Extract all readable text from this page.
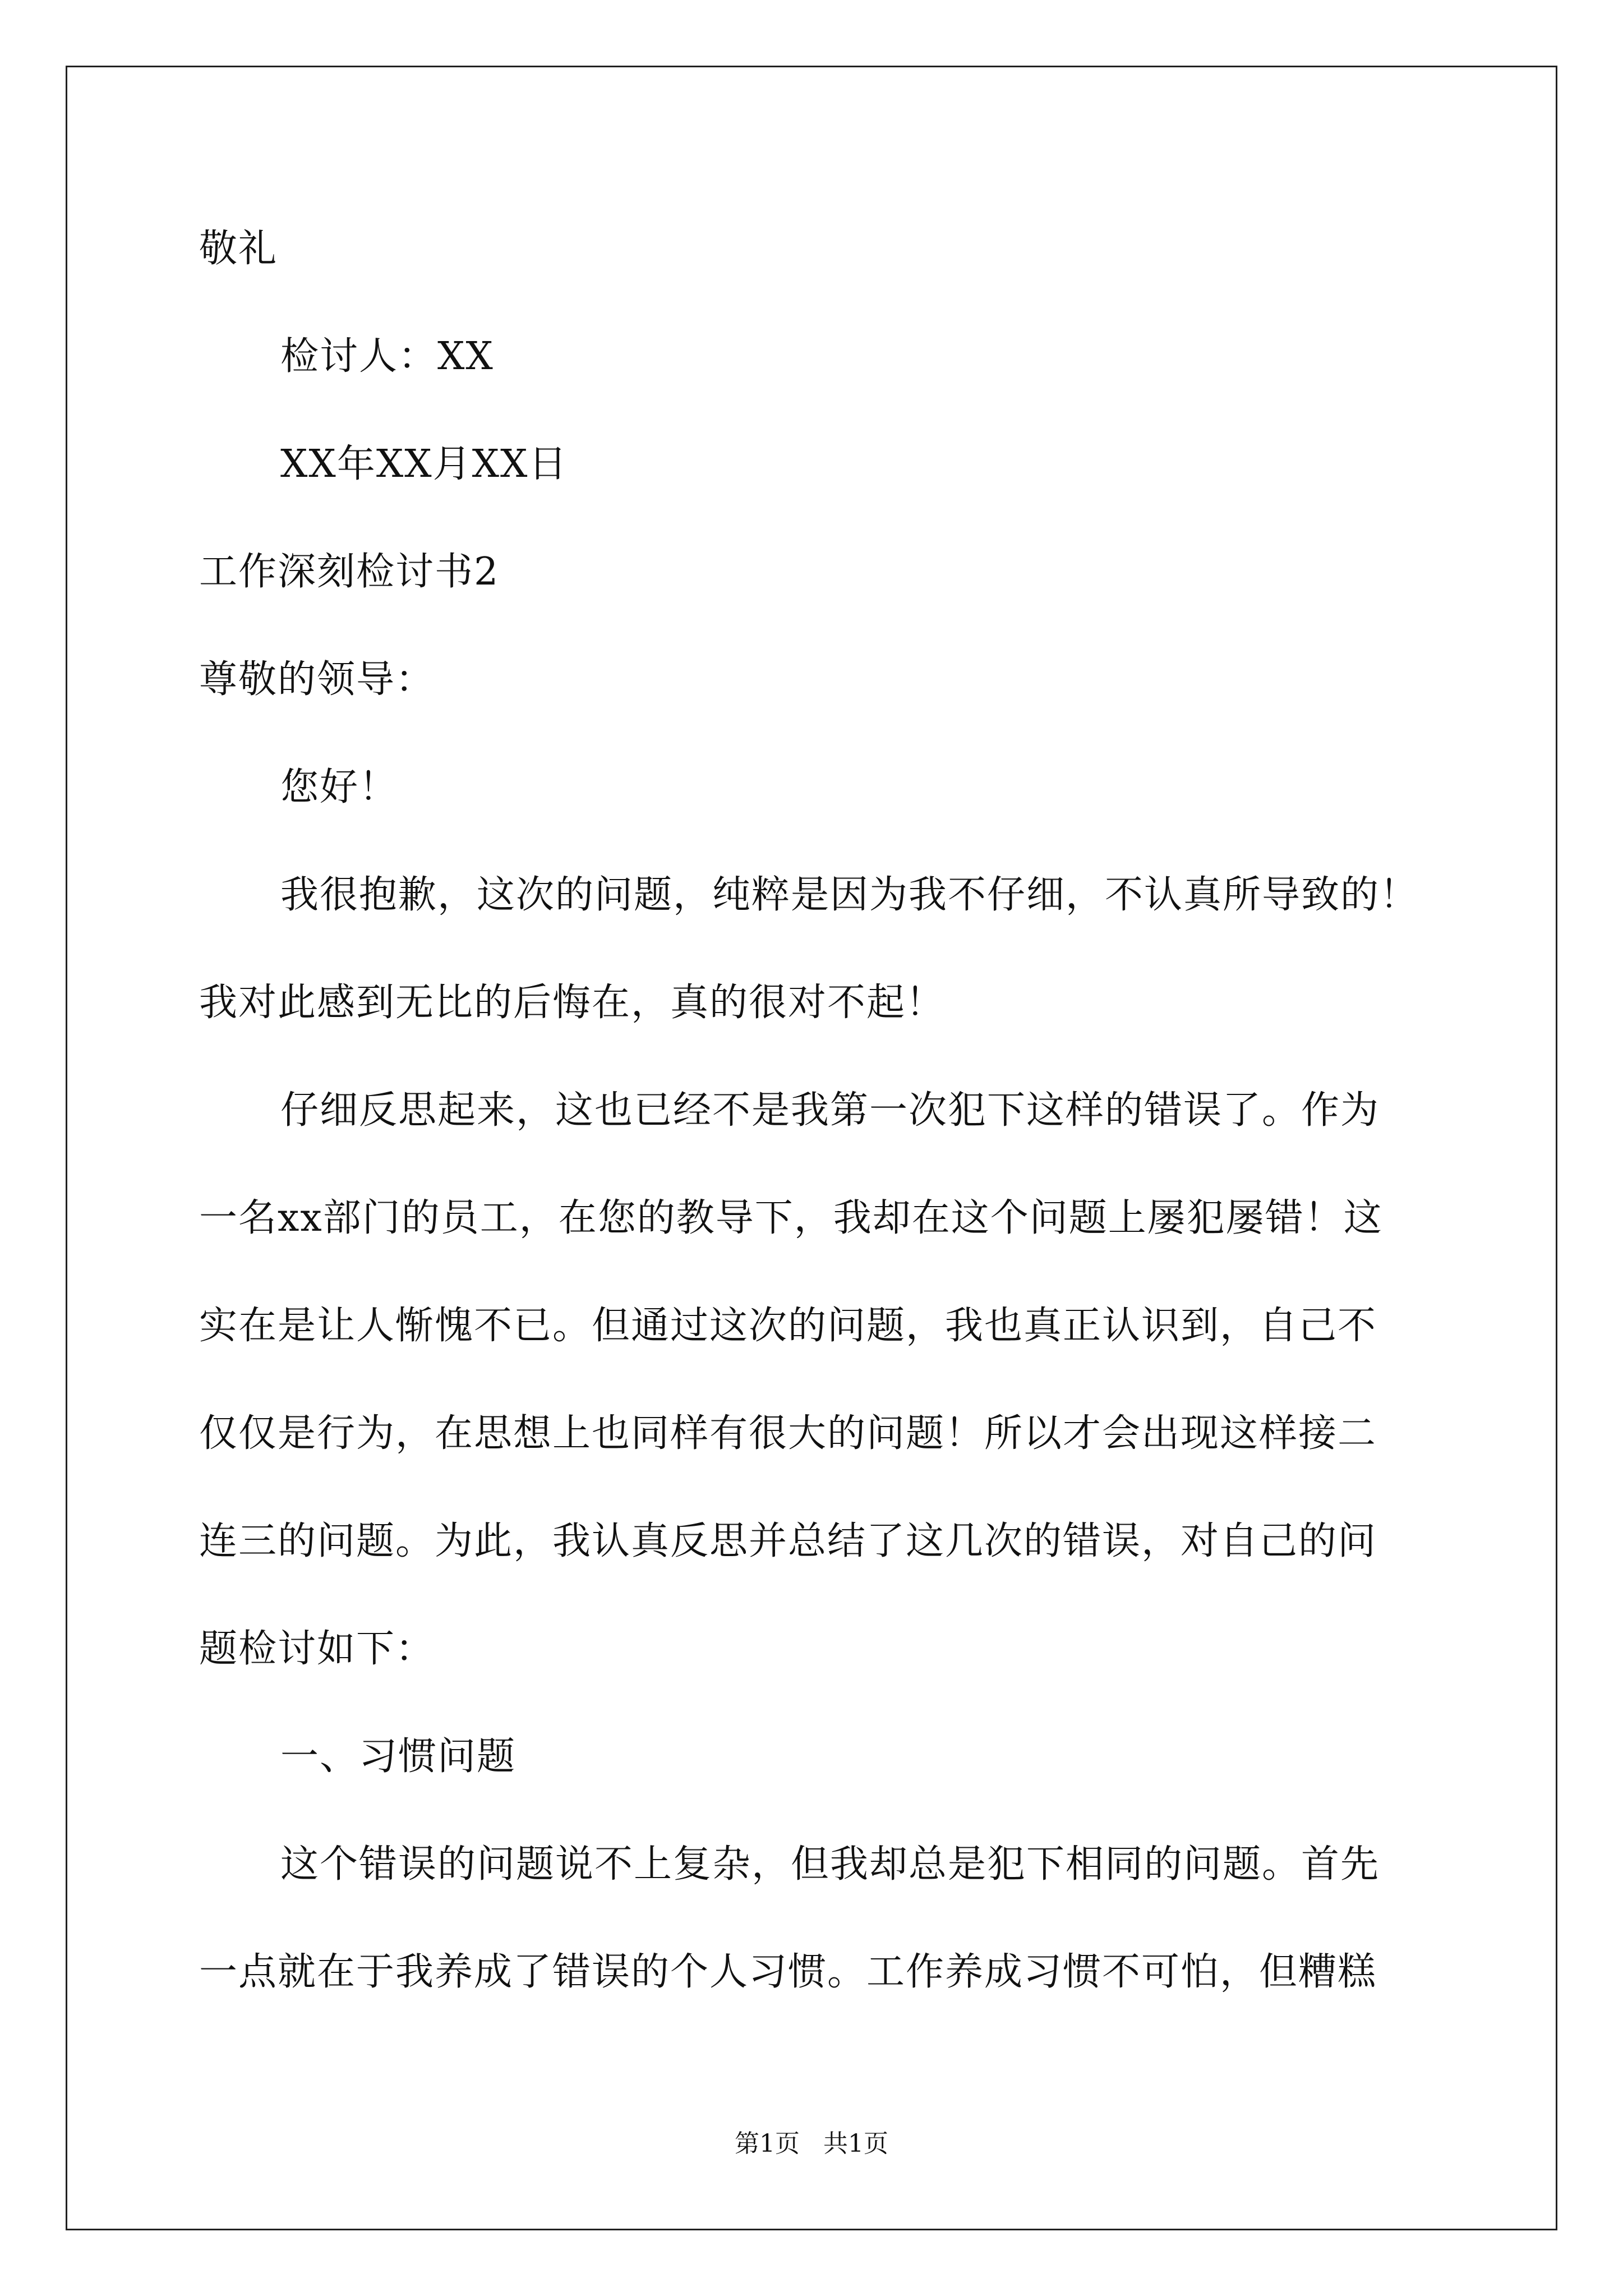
敬礼
检讨人：XX
XX年XX月XX日
工作深刻检讨书2
尊敬的领导：
您好！
我很抱歉，这次的问题，纯粹是因为我不仔细，不认真所导致的！
我对此感到无比的后悔在，真的很对不起！
仔细反思起来，这也已经不是我第一次犯下这样的错误了。作为
一名xx部门的员工，在您的教导下，我却在这个问题上屡犯屡错！这
实在是让人惭愧不已。但通过这次的问题，我也真正认识到，自己不
仅仅是行为，在思想上也同样有很大的问题！所以才会出现这样接二
连三的问题。为此，我认真反思并总结了这几次的错误，对自己的问
题检讨如下：
一、习惯问题
这个错误的问题说不上复杂，但我却总是犯下相同的问题。首先
一点就在于我养成了错误的个人习惯。工作养成习惯不可怕，但糟糕
第1页   共1页
